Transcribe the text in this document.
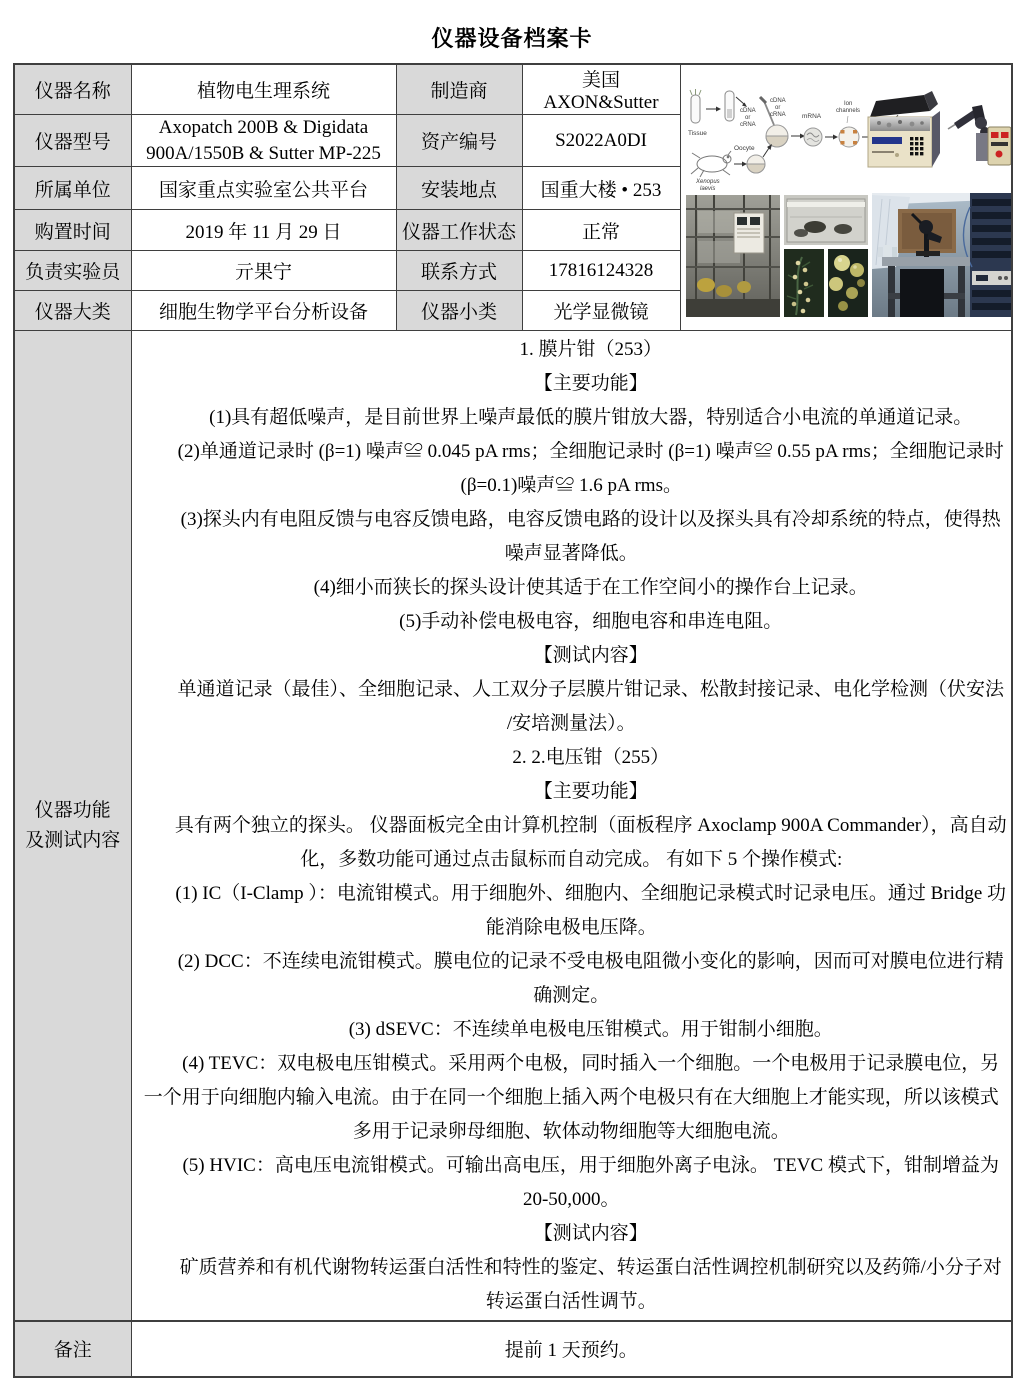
仪器设备档案卡
仪器名称	植物电生理系统	制造商	美国 AXON&Sutter	
Tissue
cDNA
or
cRNA
cDNA
or
cRNA
Oocyte
Xenopus
laevis
mRNA
Ion
channels

仪器型号	Axopatch 200B & Digidata 900A/1550B & Sutter MP-225	资产编号	S2022A0DI	
所属单位	国家重点实验室公共平台	安装地点	国重大楼 • 253	
购置时间	2019 年 11 月 29 日	仪器工作状态	正常	
负责实验员	亓果宁	联系方式	17816124328	
仪器大类	细胞生物学平台分析设备	仪器小类	光学显微镜	

仪器功能
及测试内容

1. 膜片钳（253）

【主要功能】

(1)具有超低噪声，是目前世界上噪声最低的膜片钳放大器，特别适合小电流的单通道记录。

(2)单通道记录时 (β=1) 噪声≌ 0.045 pA rms；全细胞记录时 (β=1) 噪声≌ 0.55 pA rms；全细胞记录时 (β=0.1)噪声≌ 1.6 pA rms。

(3)探头内有电阻反馈与电容反馈电路，电容反馈电路的设计以及探头具有冷却系统的特点，使得热噪声显著降低。

(4)细小而狭长的探头设计使其适于在工作空间小的操作台上记录。

(5)手动补偿电极电容，细胞电容和串连电阻。

【测试内容】

单通道记录（最佳）、全细胞记录、人工双分子层膜片钳记录、松散封接记录、电化学检测（伏安法 /安培测量法）。

2. 2.电压钳（255）

【主要功能】

具有两个独立的探头。 仪器面板完全由计算机控制（面板程序 Axoclamp 900A Commander），高自动化，多数功能可通过点击鼠标而自动完成。 有如下 5 个操作模式:

(1) IC（I-Clamp ）：电流钳模式。用于细胞外、细胞内、全细胞记录模式时记录电压。通过 Bridge 功能消除电极电压降。

(2) DCC：不连续电流钳模式。膜电位的记录不受电极电阻微小变化的影响，因而可对膜电位进行精确测定。

(3) dSEVC：不连续单电极电压钳模式。用于钳制小细胞。

(4) TEVC：双电极电压钳模式。采用两个电极，同时插入一个细胞。一个电极用于记录膜电位，另一个用于向细胞内输入电流。由于在同一个细胞上插入两个电极只有在大细胞上才能实现，所以该模式多用于记录卵母细胞、软体动物细胞等大细胞电流。

(5) HVIC：高电压电流钳模式。可输出高电压，用于细胞外离子电泳。 TEVC 模式下，钳制增益为 20-50,000。

【测试内容】

矿质营养和有机代谢物转运蛋白活性和特性的鉴定、转运蛋白活性调控机制研究以及药筛/小分子对转运蛋白活性调节。

备注	提前 1 天预约。			
